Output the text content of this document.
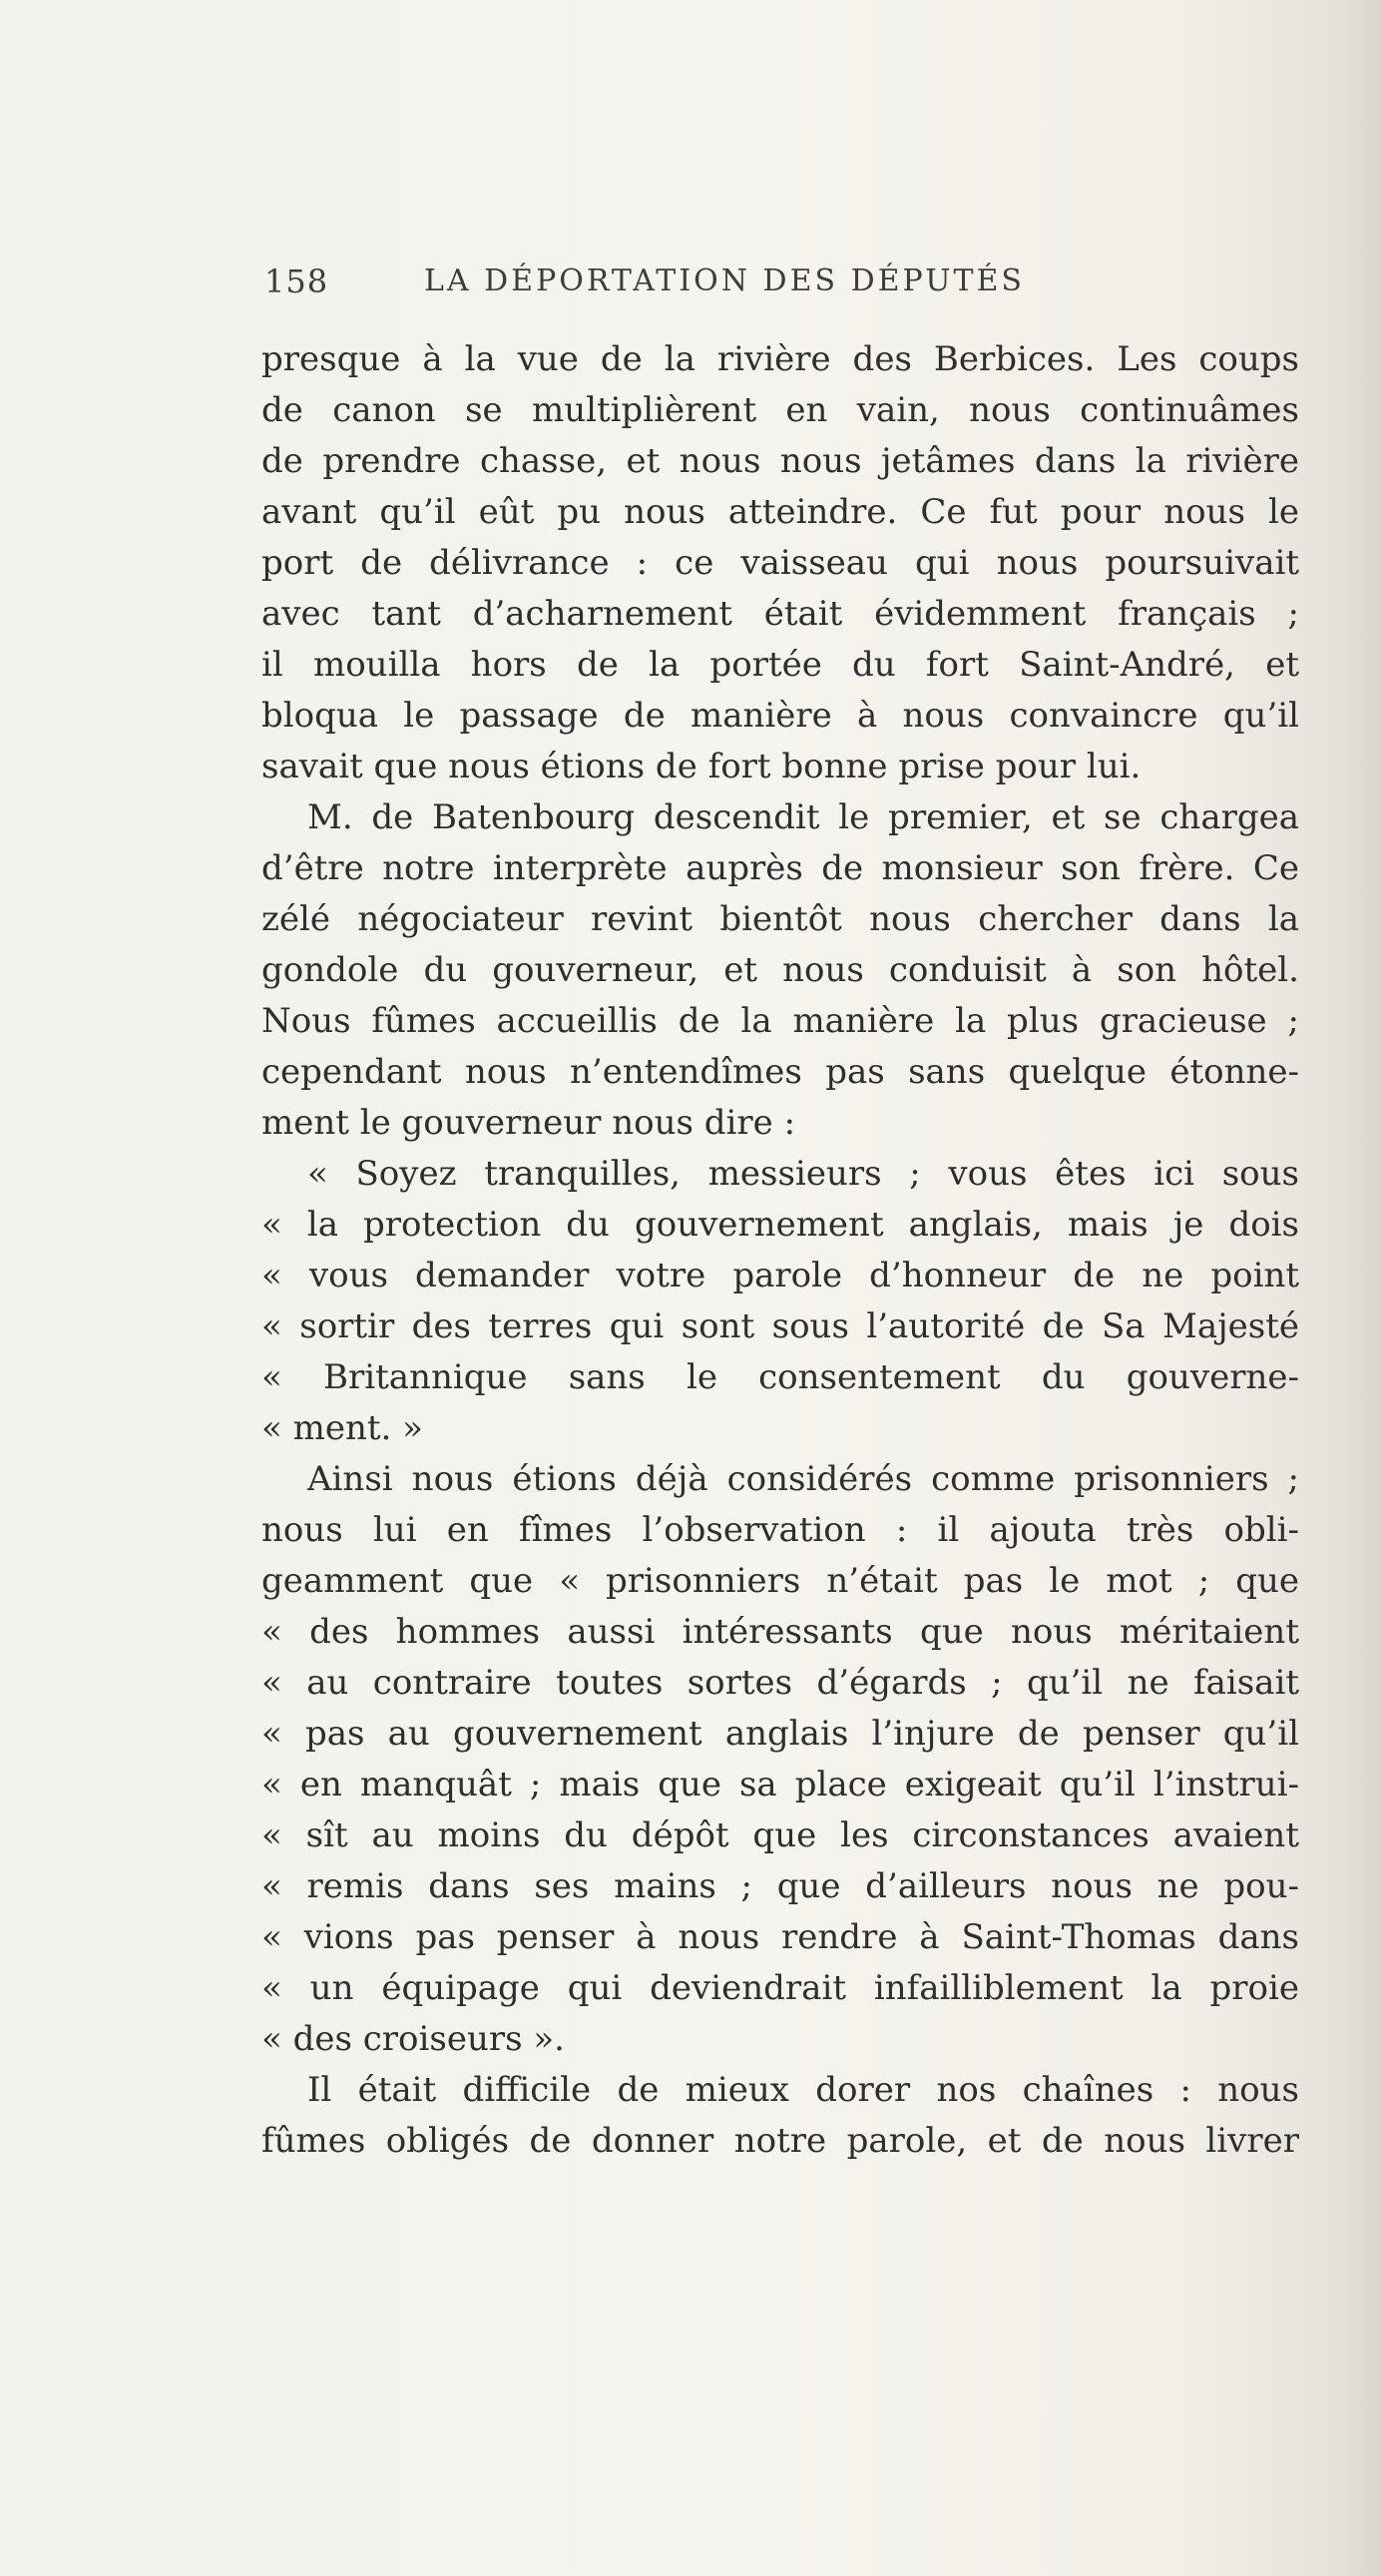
158	LA DÉPORTATION DES DÉPUTÉS
presque à la vue de la rivière des Berbices. Les coups
de canon se multiplièrent en vain, nous continuâmes
de prendre chasse, et nous nous jetâmes dans la rivière
avant qu’il eût pu nous atteindre. Ce fut pour nous le
port de délivrance : ce vaisseau qui nous poursuivait
avec tant d’acharnement était évidemment français ;
il mouilla hors de la portée du fort Saint-André, et
bloqua le passage de manière à nous convaincre qu’il
savait que nous étions de fort bonne prise pour lui.
M. de Batenbourg descendit le premier, et se chargea
d’être notre interprète auprès de monsieur son frère. Ce
zélé négociateur revint bientôt nous chercher dans la
gondole du gouverneur, et nous conduisit à son hôtel.
Nous fûmes accueillis de la manière la plus gracieuse ;
cependant nous n’entendîmes pas sans quelque étonne-
ment le gouverneur nous dire :
« Soyez tranquilles, messieurs ; vous êtes ici sous
« la protection du gouvernement anglais, mais je dois
« vous demander votre parole d’honneur de ne point
« sortir des terres qui sont sous l’autorité de Sa Majesté
« Britannique sans le consentement du gouverne-
« ment. »
Ainsi nous étions déjà considérés comme prisonniers ;
nous lui en fîmes l’observation : il ajouta très obli-
geamment que « prisonniers n’était pas le mot ; que
« des hommes aussi intéressants que nous méritaient
« au contraire toutes sortes d’égards ; qu’il ne faisait
« pas au gouvernement anglais l’injure de penser qu’il
« en manquât ; mais que sa place exigeait qu’il l’instrui-
« sît au moins du dépôt que les circonstances avaient
« remis dans ses mains ; que d’ailleurs nous ne pou-
« vions pas penser à nous rendre à Saint-Thomas dans
« un équipage qui deviendrait infailliblement la proie
« des croiseurs ».
Il était difficile de mieux dorer nos chaînes : nous
fûmes obligés de donner notre parole, et de nous livrer
